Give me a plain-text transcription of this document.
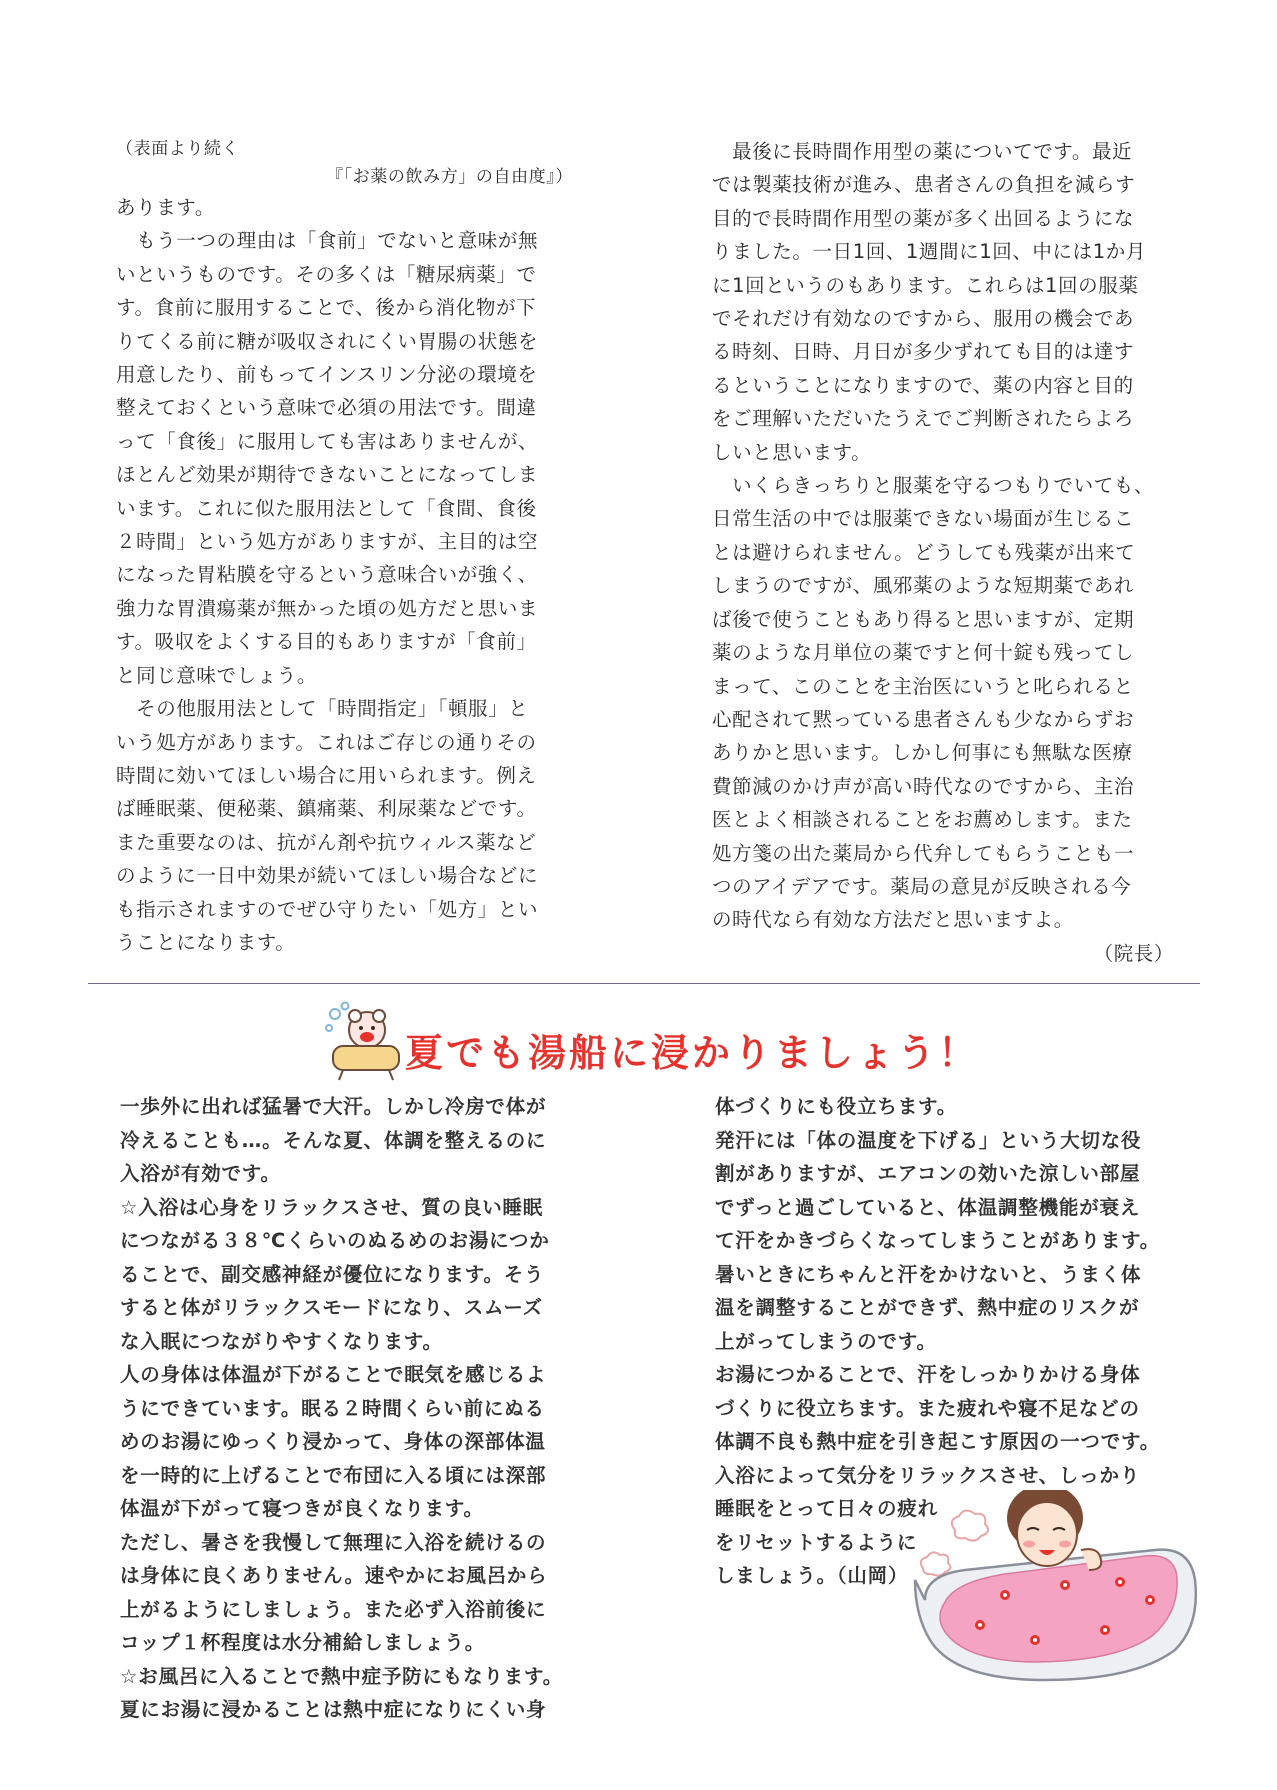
（表面より続く
『「お薬の飲み方」の自由度』）
あります。
　もう一つの理由は「食前」でないと意味が無
いというものです。その多くは「糖尿病薬」で
す。食前に服用することで、後から消化物が下
りてくる前に糖が吸収されにくい胃腸の状態を
用意したり、前もってインスリン分泌の環境を
整えておくという意味で必須の用法です。間違
って「食後」に服用しても害はありませんが、
ほとんど効果が期待できないことになってしま
います。これに似た服用法として「食間、食後
２時間」という処方がありますが、主目的は空
になった胃粘膜を守るという意味合いが強く、
強力な胃潰瘍薬が無かった頃の処方だと思いま
す。吸収をよくする目的もありますが「食前」
と同じ意味でしょう。
　その他服用法として「時間指定」「頓服」と
いう処方があります。これはご存じの通りその
時間に効いてほしい場合に用いられます。例え
ば睡眠薬、便秘薬、鎮痛薬、利尿薬などです。
また重要なのは、抗がん剤や抗ウィルス薬など
のように一日中効果が続いてほしい場合などに
も指示されますのでぜひ守りたい「処方」とい
うことになります。
　最後に長時間作用型の薬についてです。最近
では製薬技術が進み、患者さんの負担を減らす
目的で長時間作用型の薬が多く出回るようにな
りました。一日1回、1週間に1回、中には1か月
に1回というのもあります。これらは1回の服薬
でそれだけ有効なのですから、服用の機会であ
る時刻、日時、月日が多少ずれても目的は達す
るということになりますので、薬の内容と目的
をご理解いただいたうえでご判断されたらよろ
しいと思います。
　いくらきっちりと服薬を守るつもりでいても、
日常生活の中では服薬できない場面が生じるこ
とは避けられません。どうしても残薬が出来て
しまうのですが、風邪薬のような短期薬であれ
ば後で使うこともあり得ると思いますが、定期
薬のような月単位の薬ですと何十錠も残ってし
まって、このことを主治医にいうと叱られると
心配されて黙っている患者さんも少なからずお
ありかと思います。しかし何事にも無駄な医療
費節減のかけ声が高い時代なのですから、主治
医とよく相談されることをお薦めします。また
処方箋の出た薬局から代弁してもらうことも一
つのアイデアです。薬局の意見が反映される今
の時代なら有効な方法だと思いますよ。
（院長）
夏でも湯船に浸かりましょう！
一歩外に出れば猛暑で大汗。しかし冷房で体が
冷えることも…。そんな夏、体調を整えるのに
入浴が有効です。
☆入浴は心身をリラックスさせ、質の良い睡眠
につながる３８℃くらいのぬるめのお湯につか
ることで、副交感神経が優位になります。そう
すると体がリラックスモードになり、スムーズ
な入眠につながりやすくなります。
人の身体は体温が下がることで眠気を感じるよ
うにできています。眠る２時間くらい前にぬる
めのお湯にゆっくり浸かって、身体の深部体温
を一時的に上げることで布団に入る頃には深部
体温が下がって寝つきが良くなります。
ただし、暑さを我慢して無理に入浴を続けるの
は身体に良くありません。速やかにお風呂から
上がるようにしましょう。また必ず入浴前後に
コップ１杯程度は水分補給しましょう。
☆お風呂に入ることで熱中症予防にもなります。
夏にお湯に浸かることは熱中症になりにくい身
体づくりにも役立ちます。
発汗には「体の温度を下げる」という大切な役
割がありますが、エアコンの効いた涼しい部屋
でずっと過ごしていると、体温調整機能が衰え
て汗をかきづらくなってしまうことがあります。
暑いときにちゃんと汗をかけないと、うまく体
温を調整することができず、熱中症のリスクが
上がってしまうのです。
お湯につかることで、汗をしっかりかける身体
づくりに役立ちます。また疲れや寝不足などの
体調不良も熱中症を引き起こす原因の一つです。
入浴によって気分をリラックスさせ、しっかり
睡眠をとって日々の疲れ
をリセットするように
しましょう。（山岡）
